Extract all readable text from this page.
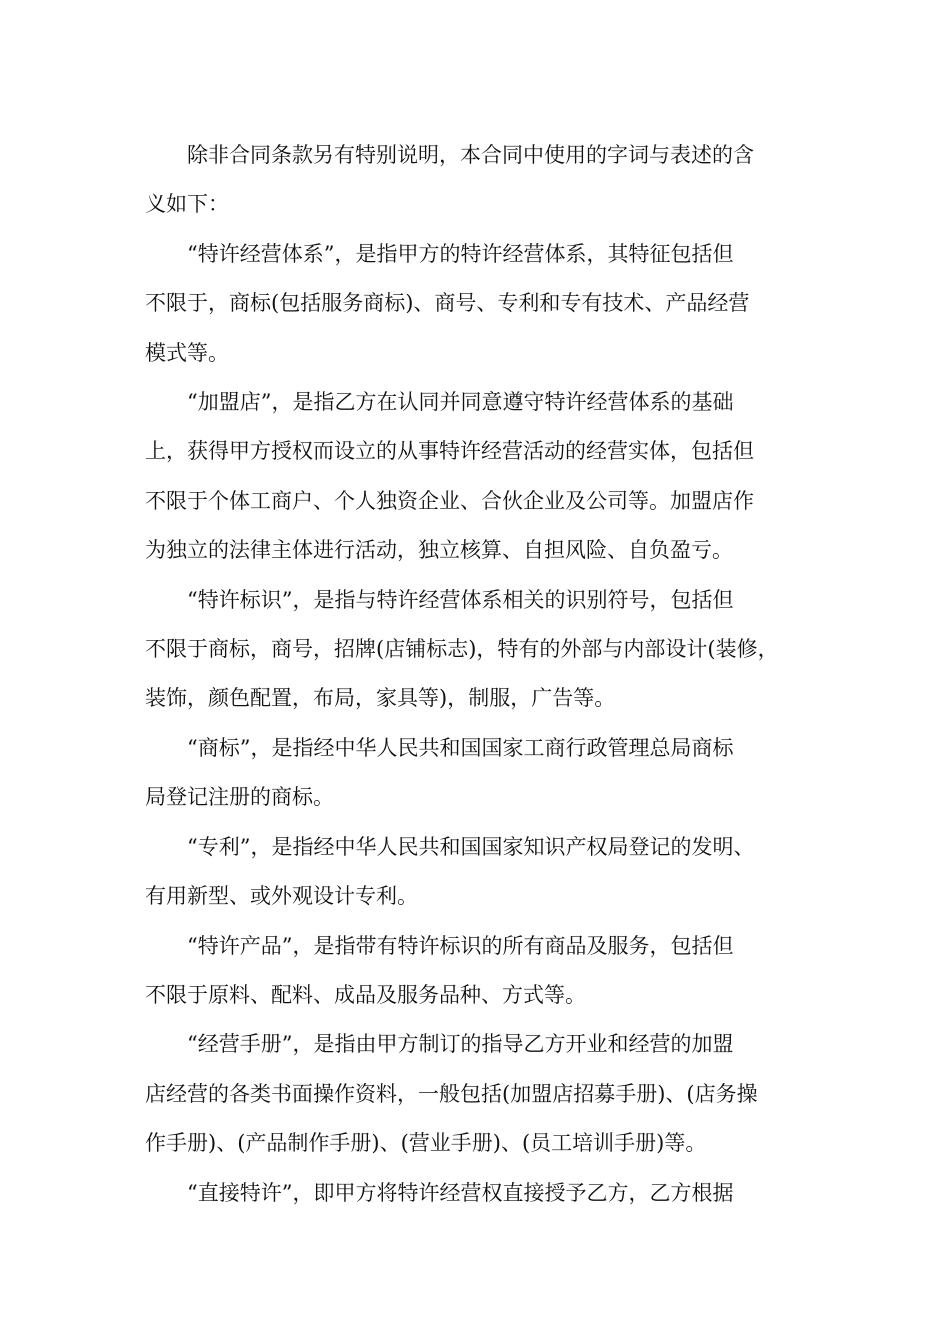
除非合同条款另有特别说明，本合同中使用的字词与表述的含
义如下：
“特许经营体系”，是指甲方的特许经营体系，其特征包括但
不限于，商标(包括服务商标)、商号、专利和专有技术、产品经营
模式等。
“加盟店”，是指乙方在认同并同意遵守特许经营体系的基础
上，获得甲方授权而设立的从事特许经营活动的经营实体，包括但
不限于个体工商户、个人独资企业、合伙企业及公司等。加盟店作
为独立的法律主体进行活动，独立核算、自担风险、自负盈亏。
“特许标识”，是指与特许经营体系相关的识别符号，包括但
不限于商标，商号，招牌(店铺标志)，特有的外部与内部设计(装修，
装饰，颜色配置，布局，家具等)，制服，广告等。
“商标”，是指经中华人民共和国国家工商行政管理总局商标
局登记注册的商标。
“专利”，是指经中华人民共和国国家知识产权局登记的发明、
有用新型、或外观设计专利。
“特许产品”，是指带有特许标识的所有商品及服务，包括但
不限于原料、配料、成品及服务品种、方式等。
“经营手册”，是指由甲方制订的指导乙方开业和经营的加盟
店经营的各类书面操作资料，一般包括(加盟店招募手册)、(店务操
作手册)、(产品制作手册)、(营业手册)、(员工培训手册)等。
“直接特许”，即甲方将特许经营权直接授予乙方，乙方根据
